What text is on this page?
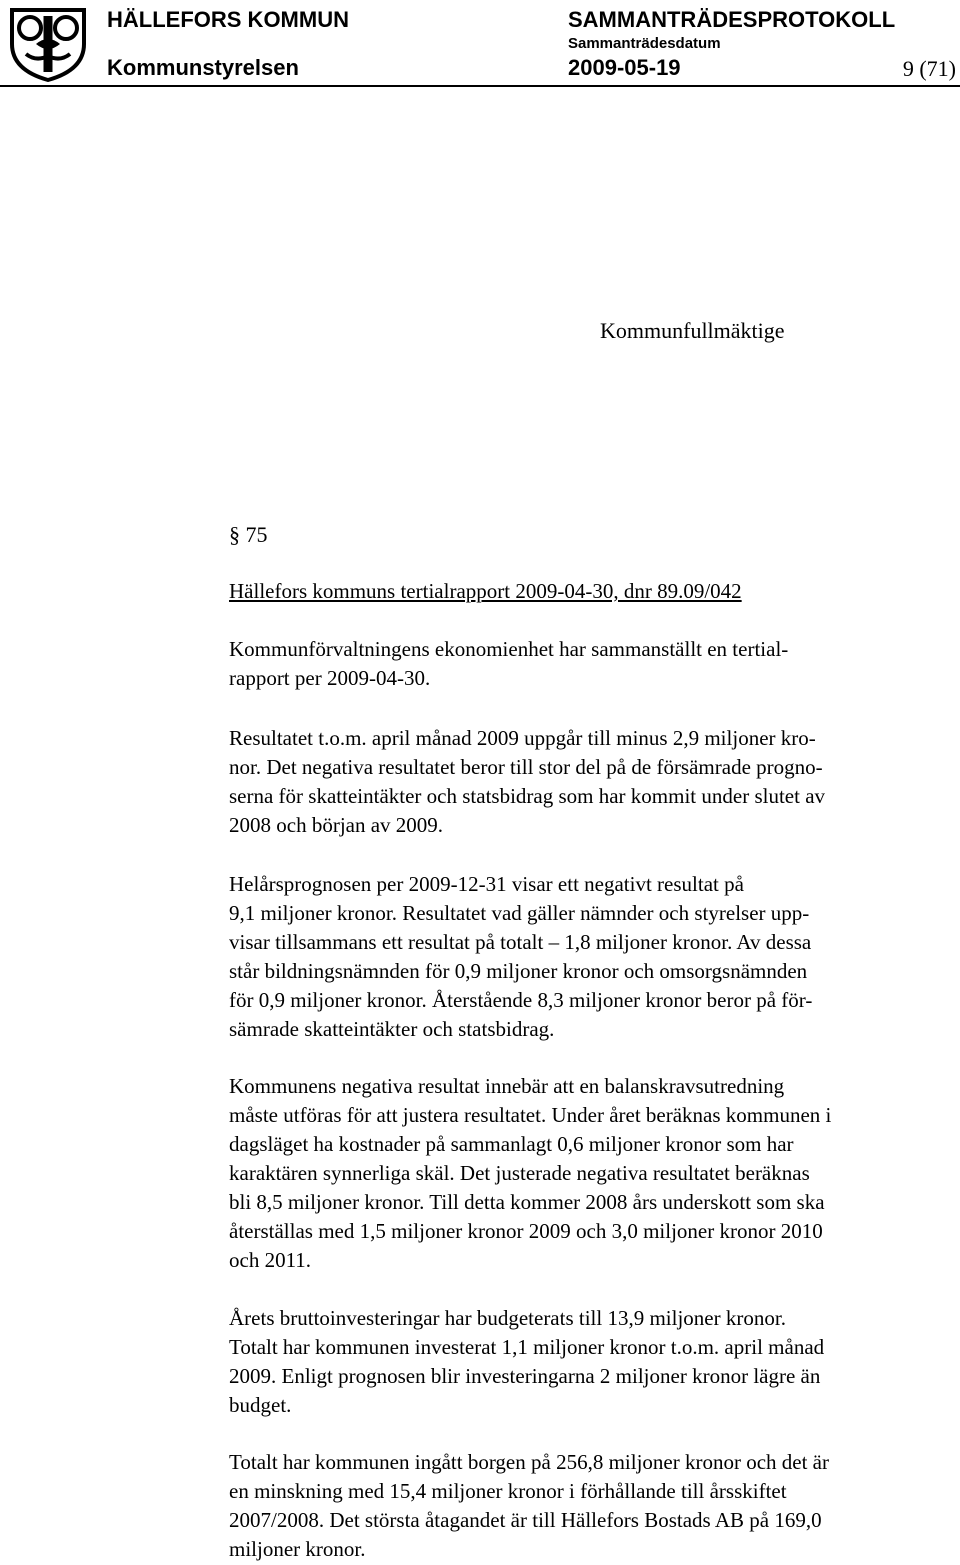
HÄLLEFORS KOMMUN	SAMMANTRÄDESPROTOKOLL
Sammanträdesdatum
Kommunstyrelsen	2009-05-19	9 (71)
Kommunfullmäktige
§ 75
Hällefors kommuns tertialrapport 2009-04-30, dnr 89.09/042
Kommunförvaltningens ekonomienhet har sammanställt en tertial-
rapport per 2009-04-30.
Resultatet t.o.m. april månad 2009 uppgår till minus 2,9 miljoner kro-
nor. Det negativa resultatet beror till stor del på de försämrade progno-
serna för skatteintäkter och statsbidrag som har kommit under slutet av
2008 och början av 2009.
Helårsprognosen per 2009-12-31 visar ett negativt resultat på
9,1 miljoner kronor. Resultatet vad gäller nämnder och styrelser upp-
visar tillsammans ett resultat på totalt – 1,8 miljoner kronor. Av dessa
står bildningsnämnden för 0,9 miljoner kronor och omsorgsnämnden
för 0,9 miljoner kronor. Återstående 8,3 miljoner kronor beror på för-
sämrade skatteintäkter och statsbidrag.
Kommunens negativa resultat innebär att en balanskravsutredning
måste utföras för att justera resultatet. Under året beräknas kommunen i
dagsläget ha kostnader på sammanlagt 0,6 miljoner kronor som har
karaktären synnerliga skäl. Det justerade negativa resultatet beräknas
bli 8,5 miljoner kronor. Till detta kommer 2008 års underskott som ska
återställas med 1,5 miljoner kronor 2009 och 3,0 miljoner kronor 2010
och 2011.
Årets bruttoinvesteringar har budgeterats till 13,9 miljoner kronor.
Totalt har kommunen investerat 1,1 miljoner kronor t.o.m. april månad
2009. Enligt prognosen blir investeringarna 2 miljoner kronor lägre än
budget.
Totalt har kommunen ingått borgen på 256,8 miljoner kronor och det är
en minskning med 15,4 miljoner kronor i förhållande till årsskiftet
2007/2008. Det största åtagandet är till Hällefors Bostads AB på 169,0
miljoner kronor.
